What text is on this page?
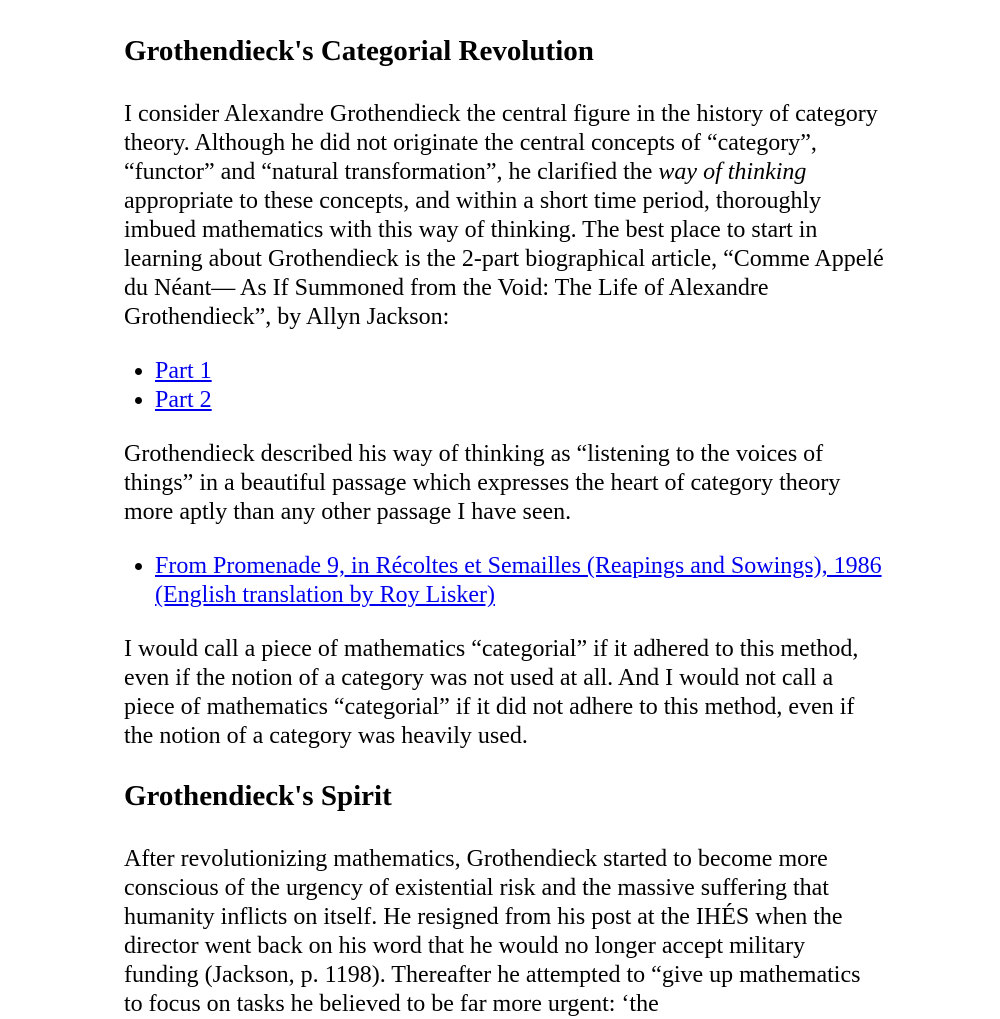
Grothendieck's Categorial Revolution

I consider Alexandre Grothendieck the central figure in the history of category theory. Although he did not originate the central concepts of “category”, “functor” and “natural transformation”, he clarified the way of thinking appropriate to these concepts, and within a short time period, thoroughly imbued mathematics with this way of thinking. The best place to start in learning about Grothendieck is the 2-part biographical article, “Comme Appelé du Néant— As If Summoned from the Void: The Life of Alexandre Grothendieck”, by Allyn Jackson:

• Part 1
• Part 2

Grothendieck described his way of thinking as “listening to the voices of things” in a beautiful passage which expresses the heart of category theory more aptly than any other passage I have seen.

• From Promenade 9, in Récoltes et Semailles (Reapings and Sowings), 1986 (English translation by Roy Lisker)

I would call a piece of mathematics “categorial” if it adhered to this method, even if the notion of a category was not used at all. And I would not call a piece of mathematics “categorial” if it did not adhere to this method, even if the notion of a category was heavily used.

Grothendieck's Spirit

After revolutionizing mathematics, Grothendieck started to become more conscious of the urgency of existential risk and the massive suffering that humanity inflicts on itself. He resigned from his post at the IHÉS when the director went back on his word that he would no longer accept military funding (Jackson, p. 1198). Thereafter he attempted to “give up mathematics to focus on tasks he believed to be far more urgent: ‘the
